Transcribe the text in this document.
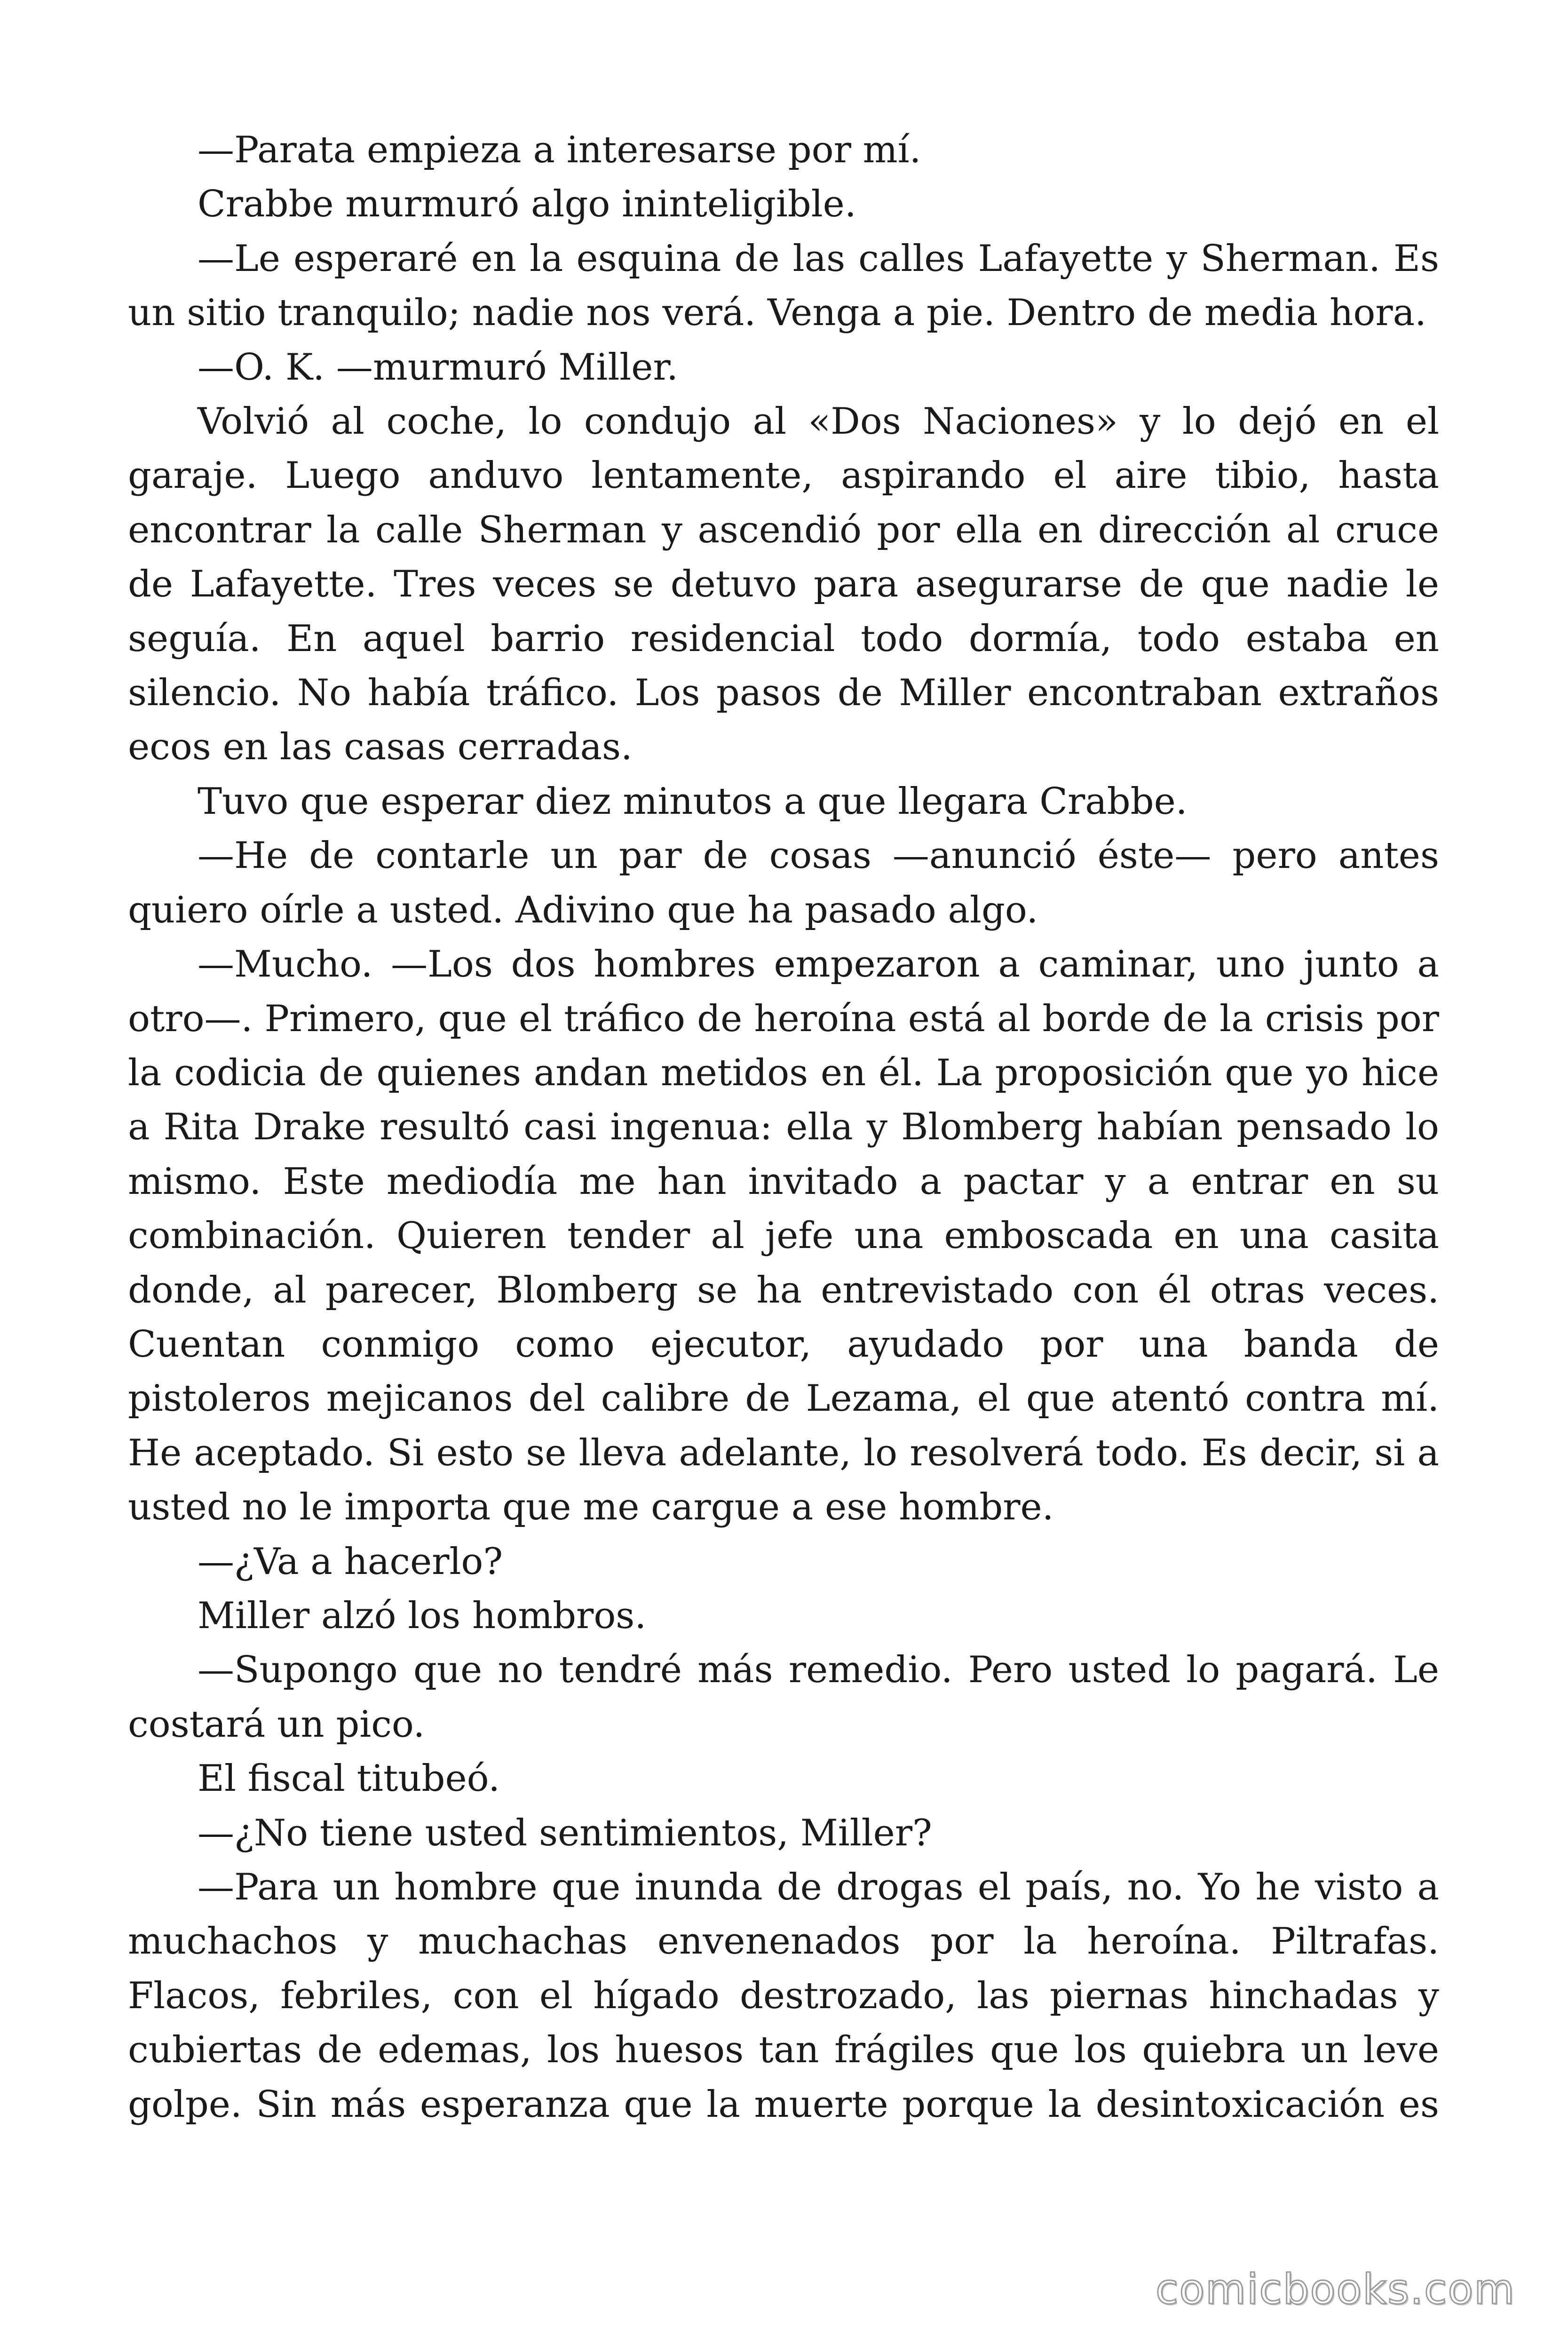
—Parata empieza a interesarse por mí.

Crabbe murmuró algo ininteligible.

—Le esperaré en la esquina de las calles Lafayette y Sherman. Es un sitio tranquilo; nadie nos verá. Venga a pie. Dentro de media hora.

—O. K. —murmuró Miller.

Volvió al coche, lo condujo al «Dos Naciones» y lo dejó en el garaje. Luego anduvo lentamente, aspirando el aire tibio, hasta encontrar la calle Sherman y ascendió por ella en dirección al cruce de Lafayette. Tres veces se detuvo para asegurarse de que nadie le seguía. En aquel barrio residencial todo dormía, todo estaba en silencio. No había tráfico. Los pasos de Miller encontraban extraños ecos en las casas cerradas.

Tuvo que esperar diez minutos a que llegara Crabbe.

—He de contarle un par de cosas —anunció éste— pero antes quiero oírle a usted. Adivino que ha pasado algo.

—Mucho. —Los dos hombres empezaron a caminar, uno junto a otro—. Primero, que el tráfico de heroína está al borde de la crisis por la codicia de quienes andan metidos en él. La proposición que yo hice a Rita Drake resultó casi ingenua: ella y Blomberg habían pensado lo mismo. Este mediodía me han invitado a pactar y a entrar en su combinación. Quieren tender al jefe una emboscada en una casita donde, al parecer, Blomberg se ha entrevistado con él otras veces. Cuentan conmigo como ejecutor, ayudado por una banda de pistoleros mejicanos del calibre de Lezama, el que atentó contra mí. He aceptado. Si esto se lleva adelante, lo resolverá todo. Es decir, si a usted no le importa que me cargue a ese hombre.

—¿Va a hacerlo?

Miller alzó los hombros.

—Supongo que no tendré más remedio. Pero usted lo pagará. Le costará un pico.

El fiscal titubeó.

—¿No tiene usted sentimientos, Miller?

—Para un hombre que inunda de drogas el país, no. Yo he visto a muchachos y muchachas envenenados por la heroína. Piltrafas. Flacos, febriles, con el hígado destrozado, las piernas hinchadas y cubiertas de edemas, los huesos tan frágiles que los quiebra un leve golpe. Sin más esperanza que la muerte porque la desintoxicación es

comicbooks.com
